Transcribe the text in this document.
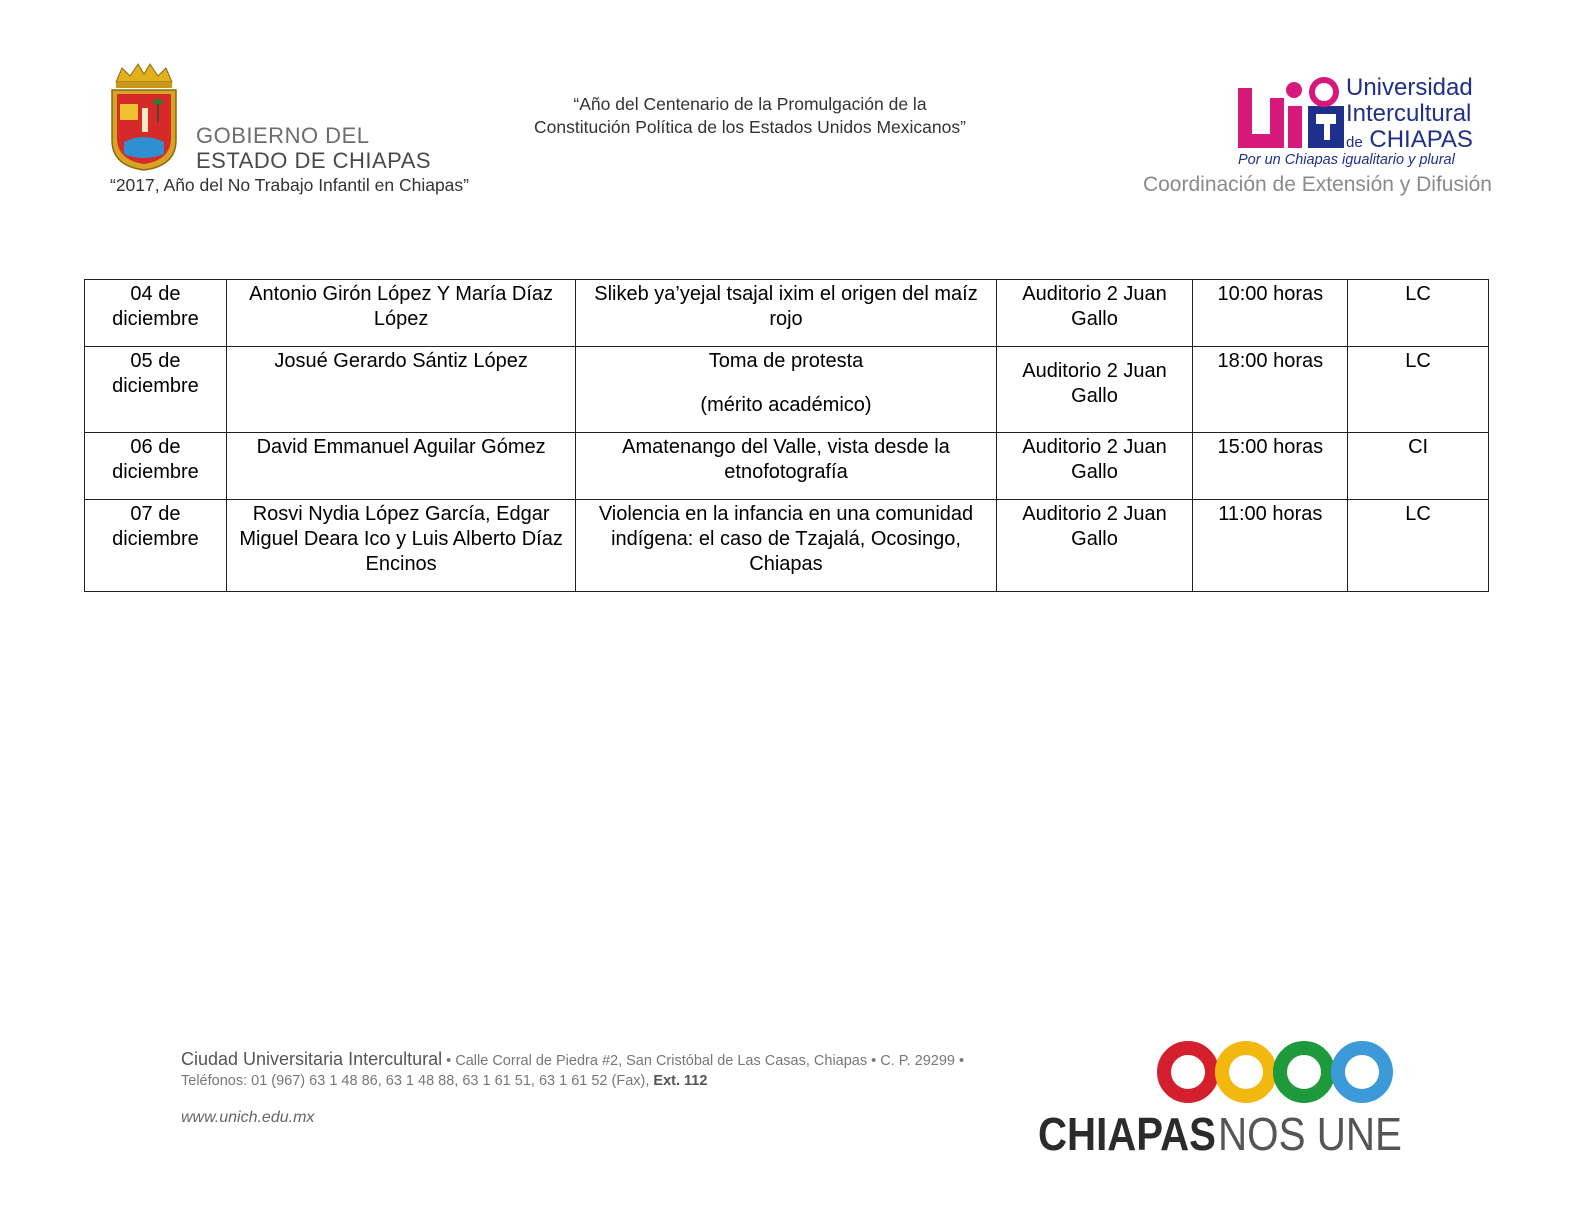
GOBIERNO DEL
ESTADO DE CHIAPAS
“2017, Año del No Trabajo Infantil en Chiapas”
“Año del Centenario de la Promulgación de la
Constitución Política de los Estados Unidos Mexicanos”
Universidad
Intercultural
de CHIAPAS
Por un Chiapas igualitario y plural
Coordinación de Extensión y Difusión
04 de diciembre	Antonio Girón López Y María Díaz López	Slikeb ya’yejal tsajal ixim el origen del maíz rojo	Auditorio 2 Juan Gallo	10:00 horas	LC
05 de diciembre	Josué Gerardo Sántiz López	Toma de protesta
(mérito académico)	Auditorio 2 Juan Gallo	18:00 horas	LC
06 de diciembre	David Emmanuel Aguilar Gómez	Amatenango del Valle, vista desde la etnofotografía	Auditorio 2 Juan Gallo	15:00 horas	CI
07 de diciembre	Rosvi Nydia López García, Edgar Miguel Deara Ico y Luis Alberto Díaz Encinos	Violencia en la infancia en una comunidad indígena: el caso de Tzajalá, Ocosingo, Chiapas	Auditorio 2 Juan Gallo	11:00 horas	LC
Ciudad Universitaria Intercultural • Calle Corral de Piedra #2, San Cristóbal de Las Casas, Chiapas • C. P. 29299 • Teléfonos: 01 (967) 63 1 48 86, 63 1 48 88, 63 1 61 51, 63 1 61 52 (Fax), Ext. 112
www.unich.edu.mx	CHIAPAS NOS UNE
